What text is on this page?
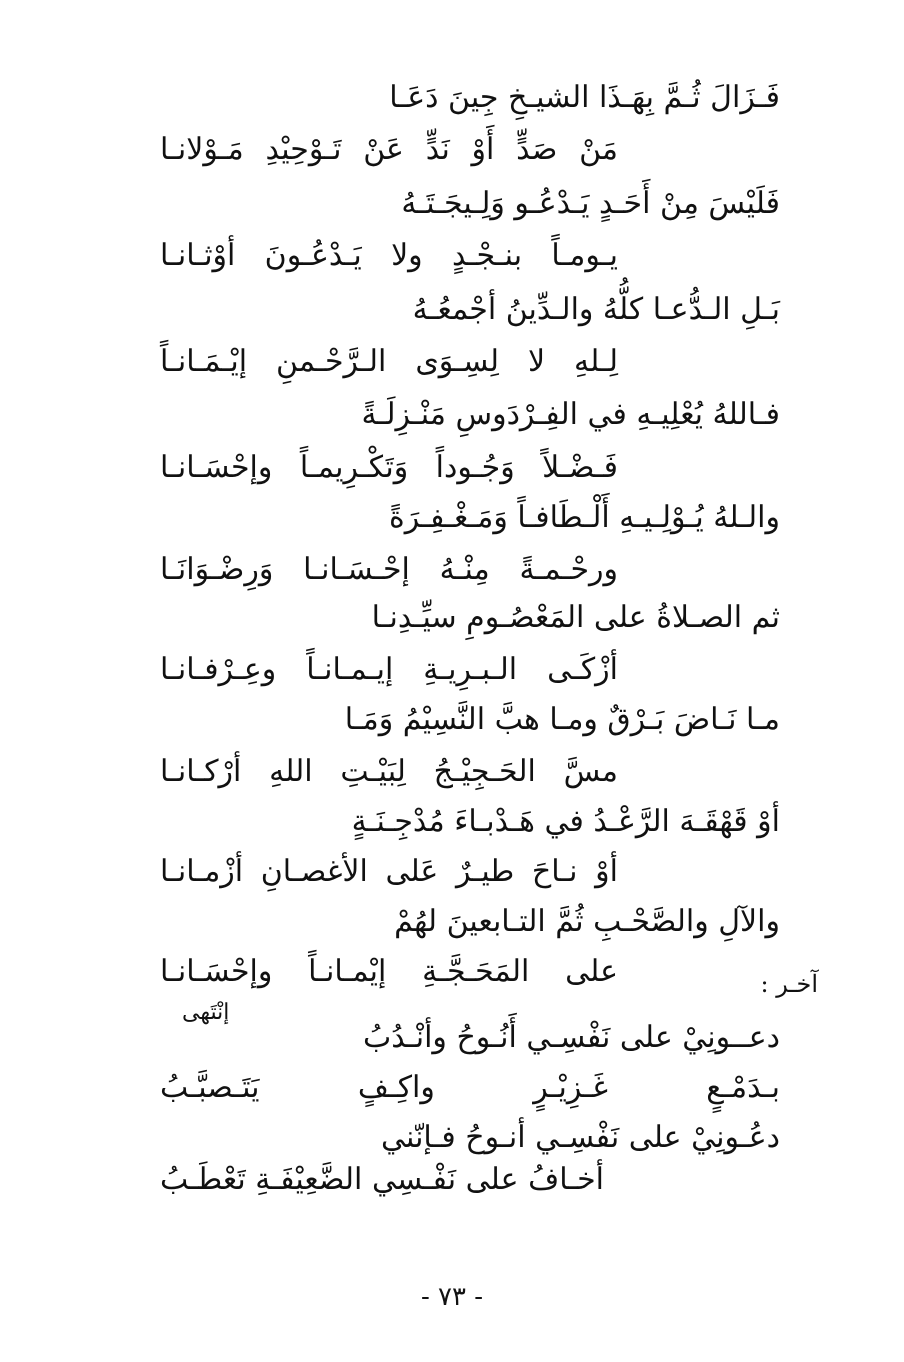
فَـزَالَ ثُـمَّ بِهَـذَا الشيـخِ جِينَ دَعَـا
مَنْ صَدٍّ أَوْ نَدٍّ عَنْ تَـوْحِيْدِ مَـوْلانـا
فَلَيْسَ مِنْ أَحَـدٍ يَـدْعُـو وَلِـيجَـتَـهُ
يـومـاً بنـجْـدٍ ولا يَـدْعُـونَ أوْثـانـا
بَـلِ الـدُّعـا كلُّهُ والـدِّينُ أجْمعُـهُ
لِـلهِ لا لِسِـوَى الـرَّحْـمنِ إيْـمَـانـاً
فـاللهُ يُعْلِيـهِ في الفِـرْدَوسِ مَنْـزِلَـةً
فَـضْـلاً وَجُـوداً وَتَكْـرِيمـاً وإحْسَـانـا
والـلهُ يُـوْلِـيـهِ أَلْـطَافـاً وَمَـغْـفِـرَةً
ورحْـمـةً مِنْـهُ إحْـسَـانـا وَرِضْـوَانَـا
ثم الصـلاةُ على المَعْصُـومِ سيِّـدِنـا
أزْكَـى الـبـرِيـةِ إيـمـانـاً وعِـرْفـانـا
مـا نَـاضَ بَـرْقٌ ومـا هبَّ النَّسِيْمُ وَمَـا
مسَّ الحَـجِيْـجُ لِبَيْـتِ اللهِ أرْكـانـا
أوْ قَهْقَـهَ الرَّعْـدُ في هَـدْبـاءَ مُدْجِـنَـةٍ
أوْ نـاحَ طيـرٌ عَلى الأغصـانِ أزْمـانـا
والآلِ والصَّحْـبِ ثُمَّ التـابعينَ لهُمْ
على المَحَـجَّـةِ إيْمـانـاً وإحْسَـانـا	آخـر :
إنْتَهى
دعــونِيْ على نَفْسِـي أَنُـوحُ وأنْـدُبُ
بـدَمْـعٍ غَـزِيْـرٍ واكِـفٍ يَتَـصبَّـبُ
دعُـونِيْ على نَفْسِـي أنـوحُ فـإنّني
أخـافُ على نَفْـسِي الضَّعِيْفَـةِ تَعْطَـبُ
- ٧٣ -
